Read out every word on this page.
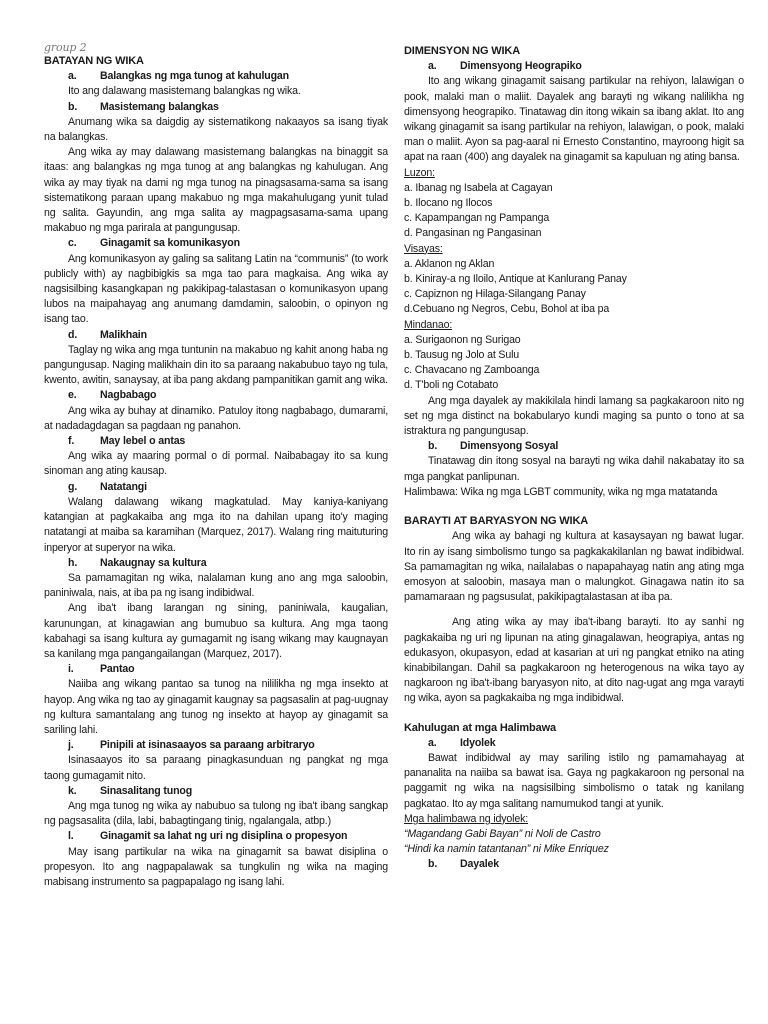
group 2
BATAYAN NG WIKA
a. Balangkas ng mga tunog at kahulugan

Ito ang dalawang masistemang balangkas ng wika.

b. Masistemang balangkas

Anumang wika sa daigdig ay sistematikong nakaayos sa isang tiyak na balangkas.

Ang wika ay may dalawang masistemang balangkas na binaggit sa itaas: ang balangkas ng mga tunog at ang balangkas ng kahulugan. Ang wika ay may tiyak na dami ng mga tunog na pinagsasama-sama sa isang sistematikong paraan upang makabuo ng mga makahulugang yunit tulad ng salita. Gayundin, ang mga salita ay magpagsasama-sama upang makabuo ng mga parirala at pangungusap.

c. Ginagamit sa komunikasyon

Ang komunikasyon ay galing sa salitang Latin na “communis” (to work publicly with) ay nagbibigkis sa mga tao para magkaisa. Ang wika ay nagsisilbing kasangkapan ng pakikipag-talastasan o komunikasyon upang lubos na maipahayag ang anumang damdamin, saloobin, o opinyon ng isang tao.

d. Malikhain

Taglay ng wika ang mga tuntunin na makabuo ng kahit anong haba ng pangungusap. Naging malikhain din ito sa paraang nakabubuo tayo ng tula, kwento, awitin, sanaysay, at iba pang akdang pampanitikan gamit ang wika.

e. Nagbabago

Ang wika ay buhay at dinamiko. Patuloy itong nagbabago, dumarami, at nadadagdagan sa pagdaan ng panahon.

f. May lebel o antas

Ang wika ay maaring pormal o di pormal. Naibabagay ito sa kung sinoman ang ating kausap.

g. Natatangi

Walang dalawang wikang magkatulad. May kaniya-kaniyang katangian at pagkakaiba ang mga ito na dahilan upang ito'y maging natatangi at maiba sa karamihan (Marquez, 2017). Walang ring maituturing inperyor at superyor na wika.

h. Nakaugnay sa kultura

Sa pamamagitan ng wika, nalalaman kung ano ang mga saloobin, paniniwala, nais, at iba pa ng isang indibidwal.

Ang iba't ibang larangan ng sining, paniniwala, kaugalian, karunungan, at kinagawian ang bumubuo sa kultura. Ang mga taong kabahagi sa isang kultura ay gumagamit ng isang wikang may kaugnayan sa kanilang mga pangangailangan (Marquez, 2017).

i. Pantao

Naiiba ang wikang pantao sa tunog na nililikha ng mga insekto at hayop. Ang wika ng tao ay ginagamit kaugnay sa pagsasalin at pag-uugnay ng kultura samantalang ang tunog ng insekto at hayop ay ginagamit sa sariling lahi.

j. Pinipili at isinasaayos sa paraang arbitraryo

Isinasaayos ito sa paraang pinagkasunduan ng pangkat ng mga taong gumagamit nito.

k. Sinasalitang tunog

Ang mga tunog ng wika ay nabubuo sa tulong ng iba't ibang sangkap ng pagsasalita (dila, labi, babagtingang tinig, ngalangala, atbp.)

l. Ginagamit sa lahat ng uri ng disiplina o propesyon

May isang partikular na wika na ginagamit sa bawat disiplina o propesyon. Ito ang nagpapalawak sa tungkulin ng wika na maging mabisang instrumento sa pagpapalago ng isang lahi.

DIMENSYON NG WIKA
a. Dimensyong Heograpiko

Ito ang wikang ginagamit saisang partikular na rehiyon, lalawigan o pook, malaki man o maliit. Dayalek ang barayti ng wikang nalilikha ng dimensyong heograpiko. Tinatawag din itong wikain sa ibang aklat. Ito ang wikang ginagamit sa isang partikular na rehiyon, lalawigan, o pook, malaki man o maliit. Ayon sa pag-aaral ni Ernesto Constantino, mayroong higit sa apat na raan (400) ang dayalek na ginagamit sa kapuluan ng ating bansa.

Luzon:
a. Ibanag ng Isabela at Cagayan
b. Ilocano ng Ilocos
c. Kapampangan ng Pampanga
d. Pangasinan ng Pangasinan
Visayas:
a. Aklanon ng Aklan
b. Kiniray-a ng Iloilo, Antique at Kanlurang Panay
c. Capiznon ng Hilaga-Silangang Panay
d.Cebuano ng Negros, Cebu, Bohol at iba pa
Mindanao:
a. Surigaonon ng Surigao
b. Tausug ng Jolo at Sulu
c. Chavacano ng Zamboanga
d. T'boli ng Cotabato

Ang mga dayalek ay makikilala hindi lamang sa pagkakaroon nito ng set ng mga distinct na bokabularyo kundi maging sa punto o tono at sa istraktura ng pangungusap.

b. Dimensyong Sosyal

Tinatawag din itong sosyal na barayti ng wika dahil nakabatay ito sa mga pangkat panlipunan.

Halimbawa: Wika ng mga LGBT community, wika ng mga matatanda
BARAYTI AT BARYASYON NG WIKA

Ang wika ay bahagi ng kultura at kasaysayan ng bawat lugar. Ito rin ay isang simbolismo tungo sa pagkakakilanlan ng bawat indibidwal. Sa pamamagitan ng wika, nailalabas o napapahayag natin ang ating mga emosyon at saloobin, masaya man o malungkot. Ginagawa natin ito sa pamamaraan ng pagsusulat, pakikipagtalastasan at iba pa.

Ang ating wika ay may iba't-ibang barayti. Ito ay sanhi ng pagkakaiba ng uri ng lipunan na ating ginagalawan, heograpiya, antas ng edukasyon, okupasyon, edad at kasarian at uri ng pangkat etniko na ating kinabibilangan. Dahil sa pagkakaroon ng heterogenous na wika tayo ay nagkaroon ng iba't-ibang baryasyon nito, at dito nag-ugat ang mga varayti ng wika, ayon sa pagkakaiba ng mga indibidwal.

Kahulugan at mga Halimbawa
a. Idyolek

Bawat indibidwal ay may sariling istilo ng pamamahayag at pananalita na naiiba sa bawat isa. Gaya ng pagkakaroon ng personal na paggamit ng wika na nagsisilbing simbolismo o tatak ng kanilang pagkatao. Ito ay mga salitang namumukod tangi at yunik.

Mga halimbawa ng idyolek:
“Magandang Gabi Bayan” ni Noli de Castro
“Hindi ka namin tatantanan” ni Mike Enriquez
b. Dayalek
